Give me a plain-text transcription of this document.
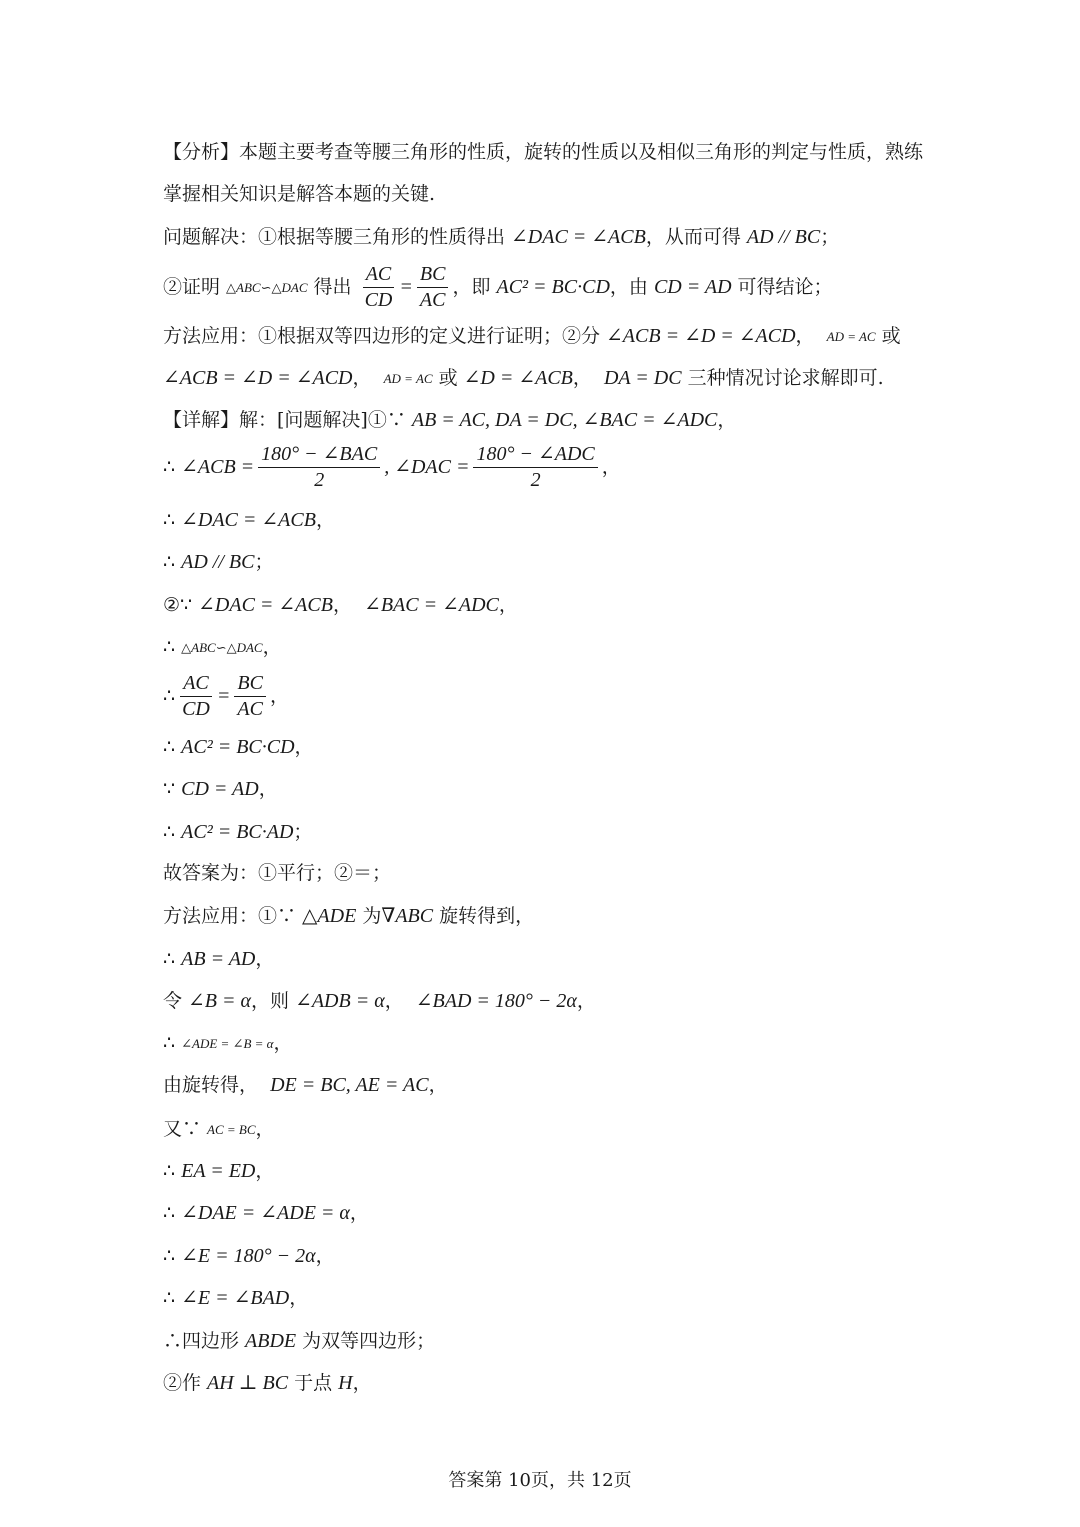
【分析】本题主要考查等腰三角形的性质，旋转的性质以及相似三角形的判定与性质，熟练
掌握相关知识是解答本题的关键.
问题解决：①根据等腰三角形的性质得出 ∠DAC = ∠ACB ，从而可得 AD // BC ；
②证明 △ABC∽△DAC 得出 $\frac{AC}{CD} = \frac{BC}{AC}$ ，即 AC² = BC·CD ，由 CD = AD 可得结论；
方法应用：①根据双等四边形的定义进行证明；②分 ∠ACB = ∠D = ∠ACD ， AD = AC 或
∠ACB = ∠D = ∠ACD ， AD = AC 或 ∠D = ∠ACB ， DA = DC 三种情况讨论求解即可.
【详解】解：[问题解决]①∵ AB = AC, DA = DC, ∠BAC = ∠ADC ，
∴ ∠ACB = $\frac{\text{180° − ∠BAC}}{2}$ , ∠DAC = $\frac{\text{180° − ∠ADC}}{2}$ ，
∴ ∠DAC = ∠ACB ，
∴ AD // BC ；
②∵ ∠DAC = ∠ACB ， ∠BAC = ∠ADC ，
∴ △ABC∽△DAC ，
∴ $\frac{AC}{CD} = \frac{BC}{AC}$ ，
∴ AC² = BC·CD ，
∵ CD = AD ，
∴ AC² = BC·AD ；
故答案为：①平行；②＝；
方法应用：①∵ △ADE 为 ∇ABC 旋转得到，
∴ AB = AD ，
令 ∠B = α ，则 ∠ADB = α ， ∠BAD = 180° − 2α ，
∴ ∠ADE = ∠B = α ，
由旋转得， DE = BC, AE = AC ，
又∵ AC = BC ，
∴ EA = ED ，
∴ ∠DAE = ∠ADE = α ，
∴ ∠E = 180° − 2α ，
∴ ∠E = ∠BAD ，
∴四边形 ABDE 为双等四边形；
②作 AH ⊥ BC 于点 H ，
答案第 10页，共 12页
